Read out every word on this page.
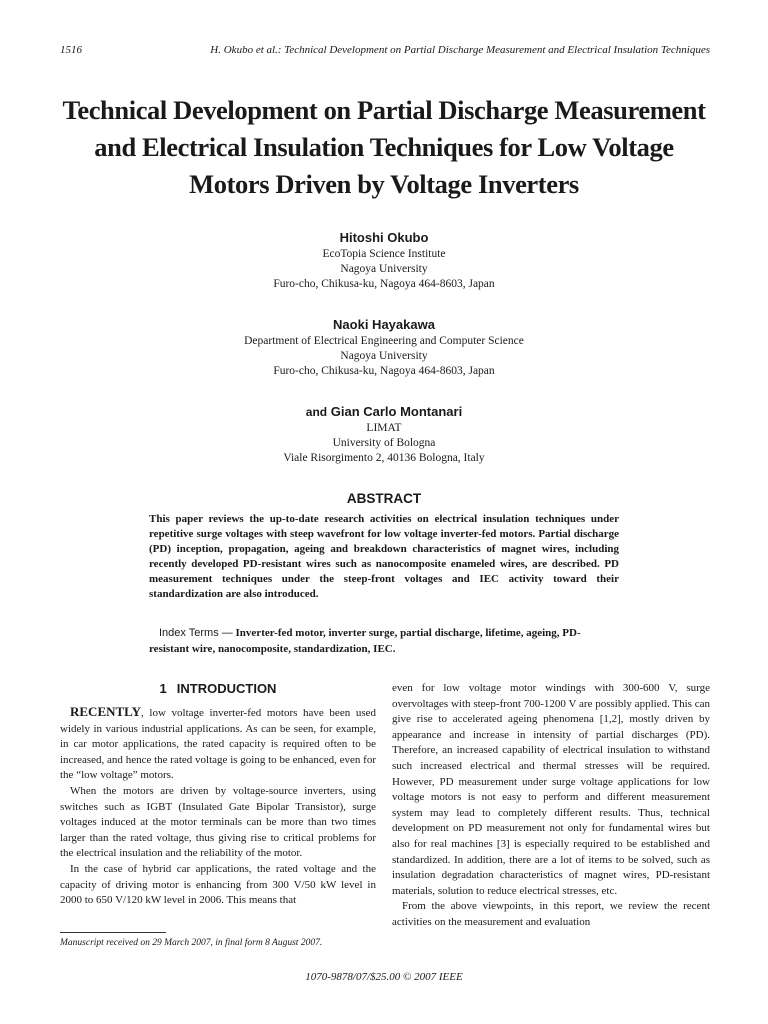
1516	H. Okubo et al.: Technical Development on Partial Discharge Measurement and Electrical Insulation Techniques
Technical Development on Partial Discharge Measurement
and Electrical Insulation Techniques for Low Voltage
Motors Driven by Voltage Inverters
Hitoshi Okubo
EcoTopia Science Institute
Nagoya University
Furo-cho, Chikusa-ku, Nagoya 464-8603, Japan
Naoki Hayakawa
Department of Electrical Engineering and Computer Science
Nagoya University
Furo-cho, Chikusa-ku, Nagoya 464-8603, Japan
and Gian Carlo Montanari
LIMAT
University of Bologna
Viale Risorgimento 2, 40136 Bologna, Italy
ABSTRACT
This paper reviews the up-to-date research activities on electrical insulation techniques under repetitive surge voltages with steep wavefront for low voltage inverter-fed motors. Partial discharge (PD) inception, propagation, ageing and breakdown characteristics of magnet wires, including recently developed PD-resistant wires such as nanocomposite enameled wires, are described. PD measurement techniques under the steep-front voltages and IEC activity toward their standardization are also introduced.
Index Terms — Inverter-fed motor, inverter surge, partial discharge, lifetime, ageing, PD-resistant wire, nanocomposite, standardization, IEC.
1 INTRODUCTION

RECENTLY, low voltage inverter-fed motors have been used widely in various industrial applications. As can be seen, for example, in car motor applications, the rated capacity is required often to be increased, and hence the rated voltage is going to be enhanced, even for the “low voltage” motors.

When the motors are driven by voltage-source inverters, using switches such as IGBT (Insulated Gate Bipolar Transistor), surge voltages induced at the motor terminals can be more than two times larger than the rated voltage, thus giving rise to critical problems for the electrical insulation and the reliability of the motor.

In the case of hybrid car applications, the rated voltage and the capacity of driving motor is enhancing from 300 V/50 kW level in 2000 to 650 V/120 kW level in 2006. This means that

even for low voltage motor windings with 300-600 V, surge overvoltages with steep-front 700-1200 V are possibly applied. This can give rise to accelerated ageing phenomena [1,2], mostly driven by appearance and increase in intensity of partial discharges (PD). Therefore, an increased capability of electrical insulation to withstand such increased electrical and thermal stresses will be required. However, PD measurement under surge voltage applications for low voltage motors is not easy to perform and different measurement system may lead to completely different results. Thus, technical development on PD measurement not only for fundamental wires but also for real machines [3] is especially required to be established and standardized. In addition, there are a lot of items to be solved, such as insulation degradation characteristics of magnet wires, PD-resistant materials, solution to reduce electrical stresses, etc.

From the above viewpoints, in this report, we review the recent activities on the measurement and evaluation

Manuscript received on 29 March 2007, in final form 8 August 2007.
1070-9878/07/$25.00 © 2007 IEEE
